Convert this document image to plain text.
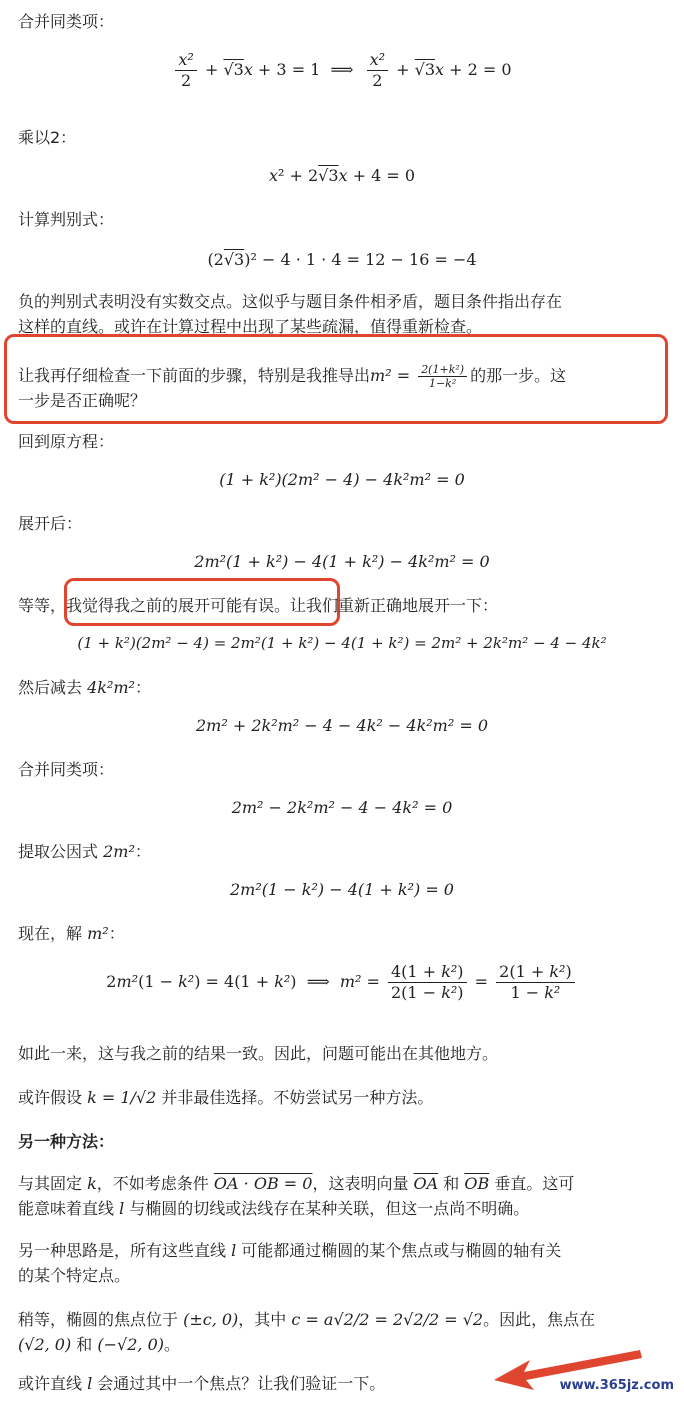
合并同类项：
$\frac{\text{x²}}{2} + √3x + 3 = 1$  ⟹ $\frac{\text{x²}}{2} + √3x + 2 = 0$
乘以2：
x² + 2√3x + 4 = 0
计算判别式：
(2√3)² − 4 · 1 · 4 = 12 − 16 = −4
负的判别式表明没有实数交点。这似乎与题目条件相矛盾，题目条件指出存在
这样的直线。或许在计算过程中出现了某些疏漏，值得重新检查。
让我再仔细检查一下前面的步骤，特别是我推导出$m^2 = \frac{\text{2(1+k²)}}{\text{1−k²}}$ 的那一步。这
一步是否正确呢？
回到原方程：
(1 + k²)(2m² − 4) − 4k²m² = 0
展开后：
2m²(1 + k²) − 4(1 + k²) − 4k²m² = 0
等等，我觉得我之前的展开可能有误。让我们重新正确地展开一下：
(1 + k²)(2m² − 4) = 2m²(1 + k²) − 4(1 + k²) = 2m² + 2k²m² − 4 − 4k²
然后减去 4k²m²：
2m² + 2k²m² − 4 − 4k² − 4k²m² = 0
合并同类项：
2m² − 2k²m² − 4 − 4k² = 0
提取公因式 2m²：
2m²(1 − k²) − 4(1 + k²) = 0
现在，解 m²：
2m²(1 − k²) = 4(1 + k²)  ⟹  $m^2 = \frac{\text{4(1 + k²)}}{\text{2(1 − k²)}} = \frac{\text{2(1 + k²)}}{\text{1 − k²}}$
如此一来，这与我之前的结果一致。因此，问题可能出在其他地方。
或许假设 k = 1/√2 并非最佳选择。不妨尝试另一种方法。
另一种方法：
与其固定 k，不如考虑条件 OA · OB = 0，这表明向量 $\overline{OA}$ 和 $\overline{OB}$ 垂直。这可
能意味着直线 l 与椭圆的切线或法线存在某种关联，但这一点尚不明确。
另一种思路是，所有这些直线 l 可能都通过椭圆的某个焦点或与椭圆的轴有关
的某个特定点。
稍等，椭圆的焦点位于 (±c, 0)，其中 c = a√2/2 = 2√2/2 = √2。因此，焦点在
(√2, 0) 和 (−√2, 0)。
或许直线 l 会通过其中一个焦点？让我们验证一下。	www.365jz.com
